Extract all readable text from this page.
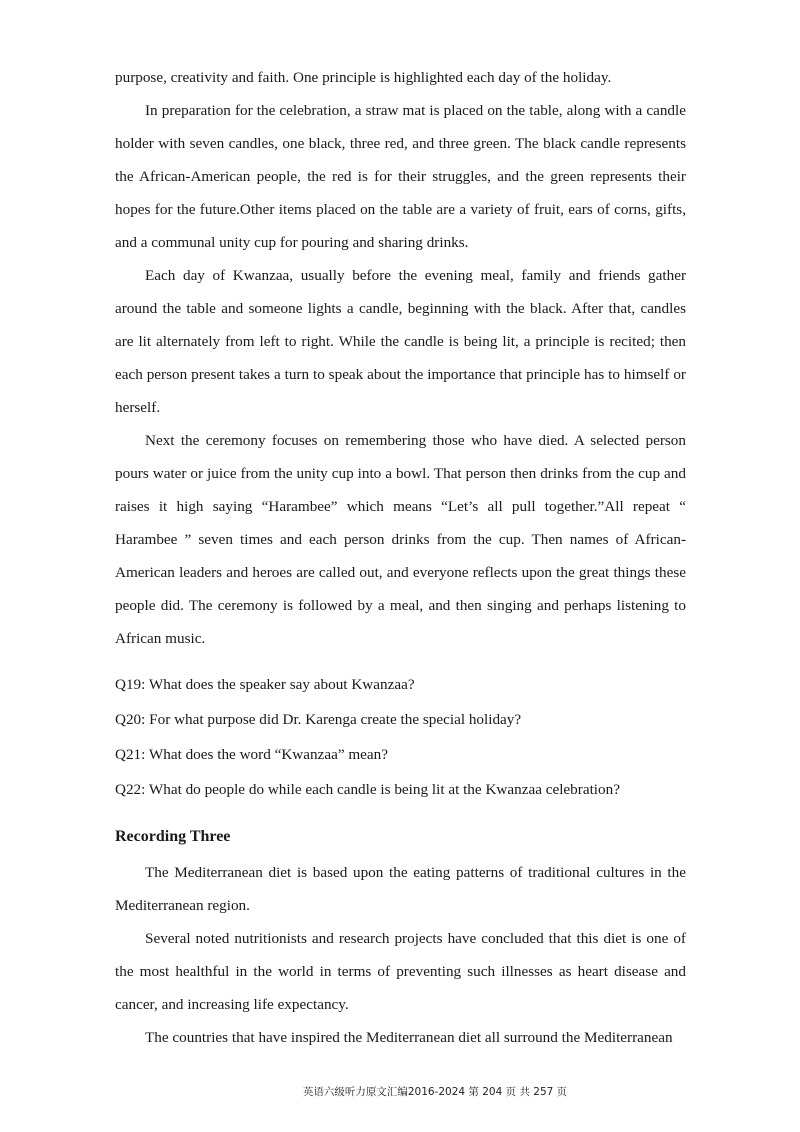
purpose, creativity and faith. One principle is highlighted each day of the holiday.

In preparation for the celebration, a straw mat is placed on the table, along with a candle holder with seven candles, one black, three red, and three green. The black candle represents the African-American people, the red is for their struggles, and the green represents their hopes for the future.Other items placed on the table are a variety of fruit, ears of corns, gifts, and a communal unity cup for pouring and sharing drinks.

Each day of Kwanzaa, usually before the evening meal, family and friends gather around the table and someone lights a candle, beginning with the black. After that, candles are lit alternately from left to right. While the candle is being lit, a principle is recited; then each person present takes a turn to speak about the importance that principle has to himself or herself.

Next the ceremony focuses on remembering those who have died. A selected person pours water or juice from the unity cup into a bowl. That person then drinks from the cup and raises it high saying “Harambee” which means “Let’s all pull together.”All repeat “ Harambee ” seven times and each person drinks from the cup. Then names of African-American leaders and heroes are called out, and everyone reflects upon the great things these people did. The ceremony is followed by a meal, and then singing and perhaps listening to African music.

Q19: What does the speaker say about Kwanzaa?

Q20: For what purpose did Dr. Karenga create the special holiday?

Q21: What does the word “Kwanzaa” mean?

Q22: What do people do while each candle is being lit at the Kwanzaa celebration?

Recording Three

The Mediterranean diet is based upon the eating patterns of traditional cultures in the Mediterranean region.

Several noted nutritionists and research projects have concluded that this diet is one of the most healthful in the world in terms of preventing such illnesses as heart disease and cancer, and increasing life expectancy.

The countries that have inspired the Mediterranean diet all surround the Mediterranean

英语六级听力原文汇编2016-2024 第 204 页 共 257 页
